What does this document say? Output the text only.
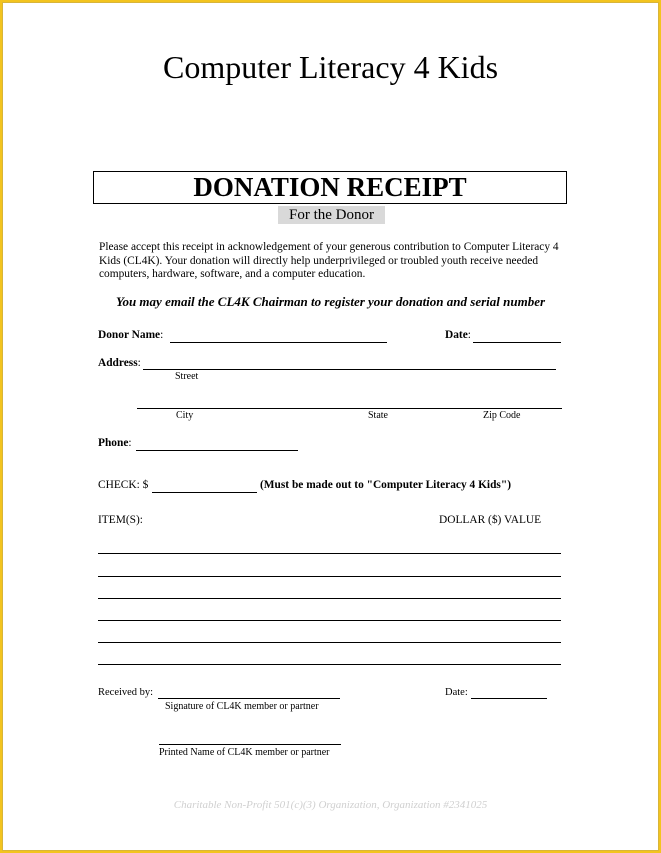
Computer Literacy 4 Kids
DONATION RECEIPT
For the Donor
Please accept this receipt in acknowledgement of your generous contribution to Computer Literacy 4 Kids (CL4K). Your donation will directly help underprivileged or troubled youth receive needed computers, hardware, software, and a computer education.
You may email the CL4K Chairman to register your donation and serial number
Donor Name:	Date:
Address:
Street
City	State	Zip Code
Phone:
CHECK: $	(Must be made out to "Computer Literacy 4 Kids")
ITEM(S):	DOLLAR ($) VALUE
Received by:
Signature of CL4K member or partner
Date:
Printed Name of CL4K member or partner
Charitable Non-Profit 501(c)(3) Organization, Organization #2341025
